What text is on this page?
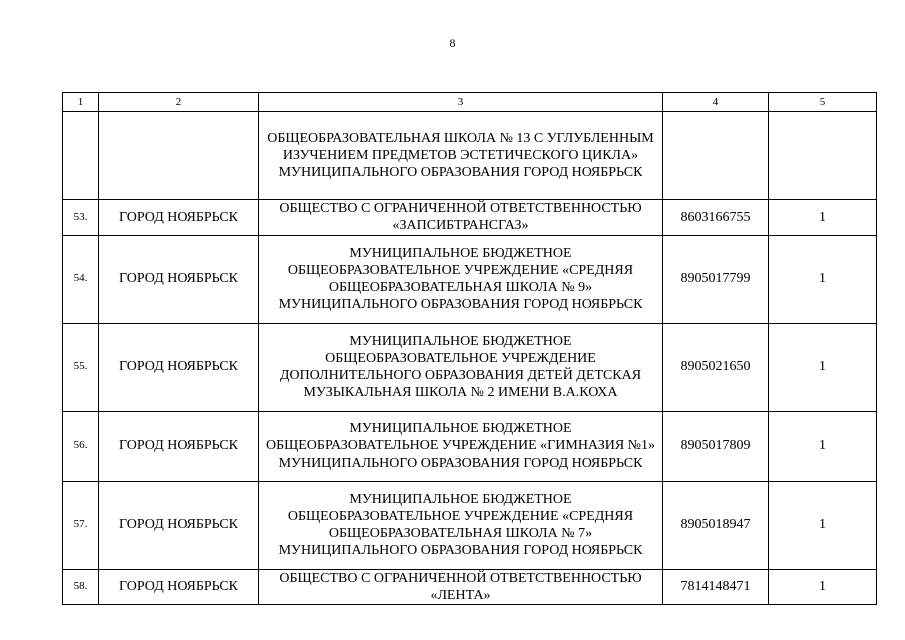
8
1	2	3	4	5
		ОБЩЕОБРАЗОВАТЕЛЬНАЯ ШКОЛА № 13 С УГЛУБЛЕННЫМ ИЗУЧЕНИЕМ ПРЕДМЕТОВ ЭСТЕТИЧЕСКОГО ЦИКЛА» МУНИЦИПАЛЬНОГО ОБРАЗОВАНИЯ ГОРОД НОЯБРЬСК		
53.	ГОРОД НОЯБРЬСК	ОБЩЕСТВО С ОГРАНИЧЕННОЙ ОТВЕТСТВЕННОСТЬЮ «ЗАПСИБТРАНСГАЗ»	8603166755	1
54.	ГОРОД НОЯБРЬСК	МУНИЦИПАЛЬНОЕ БЮДЖЕТНОЕ ОБЩЕОБРАЗОВАТЕЛЬНОЕ УЧРЕЖДЕНИЕ «СРЕДНЯЯ ОБЩЕОБРАЗОВАТЕЛЬНАЯ ШКОЛА № 9» МУНИЦИПАЛЬНОГО ОБРАЗОВАНИЯ ГОРОД НОЯБРЬСК	8905017799	1
55.	ГОРОД НОЯБРЬСК	МУНИЦИПАЛЬНОЕ БЮДЖЕТНОЕ ОБЩЕОБРАЗОВАТЕЛЬНОЕ УЧРЕЖДЕНИЕ ДОПОЛНИТЕЛЬНОГО ОБРАЗОВАНИЯ ДЕТЕЙ ДЕТСКАЯ МУЗЫКАЛЬНАЯ ШКОЛА № 2 ИМЕНИ В.А.КОХА	8905021650	1
56.	ГОРОД НОЯБРЬСК	МУНИЦИПАЛЬНОЕ БЮДЖЕТНОЕ ОБЩЕОБРАЗОВАТЕЛЬНОЕ УЧРЕЖДЕНИЕ «ГИМНАЗИЯ №1» МУНИЦИПАЛЬНОГО ОБРАЗОВАНИЯ ГОРОД НОЯБРЬСК	8905017809	1
57.	ГОРОД НОЯБРЬСК	МУНИЦИПАЛЬНОЕ БЮДЖЕТНОЕ ОБЩЕОБРАЗОВАТЕЛЬНОЕ УЧРЕЖДЕНИЕ «СРЕДНЯЯ ОБЩЕОБРАЗОВАТЕЛЬНАЯ ШКОЛА № 7» МУНИЦИПАЛЬНОГО ОБРАЗОВАНИЯ ГОРОД НОЯБРЬСК	8905018947	1
58.	ГОРОД НОЯБРЬСК	ОБЩЕСТВО С ОГРАНИЧЕННОЙ ОТВЕТСТВЕННОСТЬЮ «ЛЕНТА»	7814148471	1
